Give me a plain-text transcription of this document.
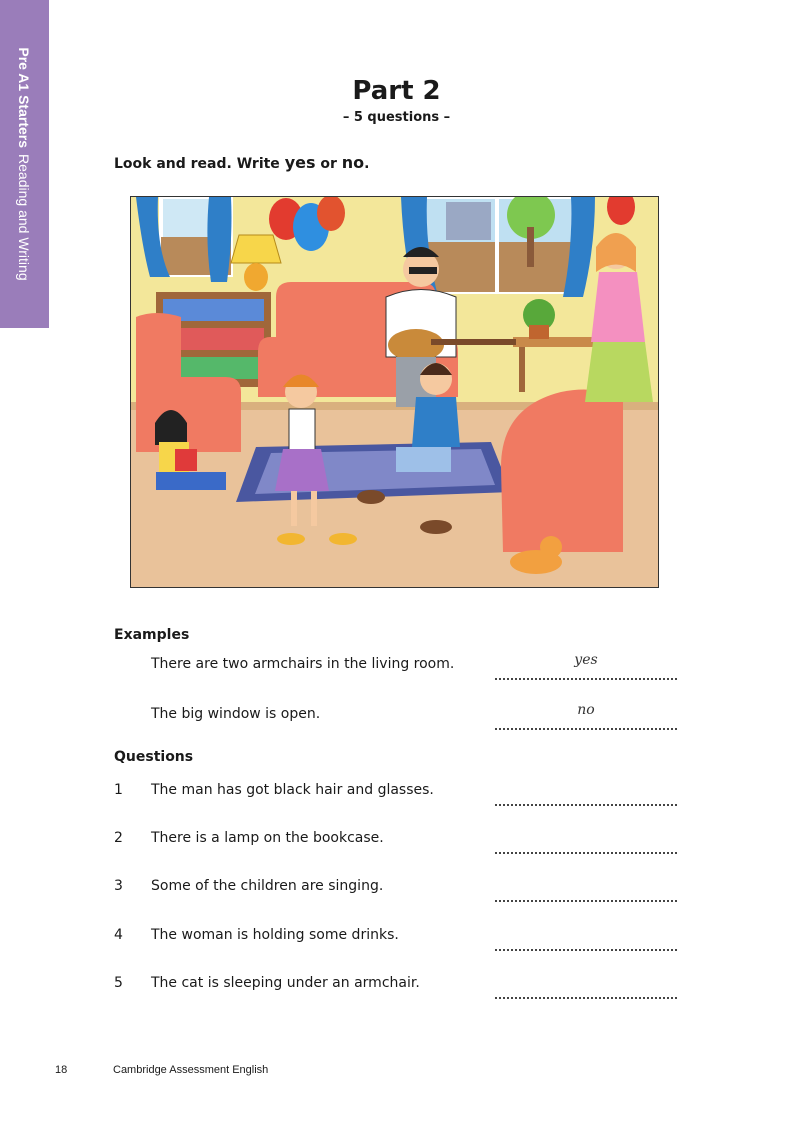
Pre A1 StartersReading and Writing
Part 2
– 5 questions –
Look and read. Write yes or no.
Examples
There are two armchairs in the living room.	yes
The big window is open.	no
Questions
1 The man has got black hair and glasses.
2 There is a lamp on the bookcase.
3 Some of the children are singing.
4 The woman is holding some drinks.
5 The cat is sleeping under an armchair.
18	Cambridge Assessment English
